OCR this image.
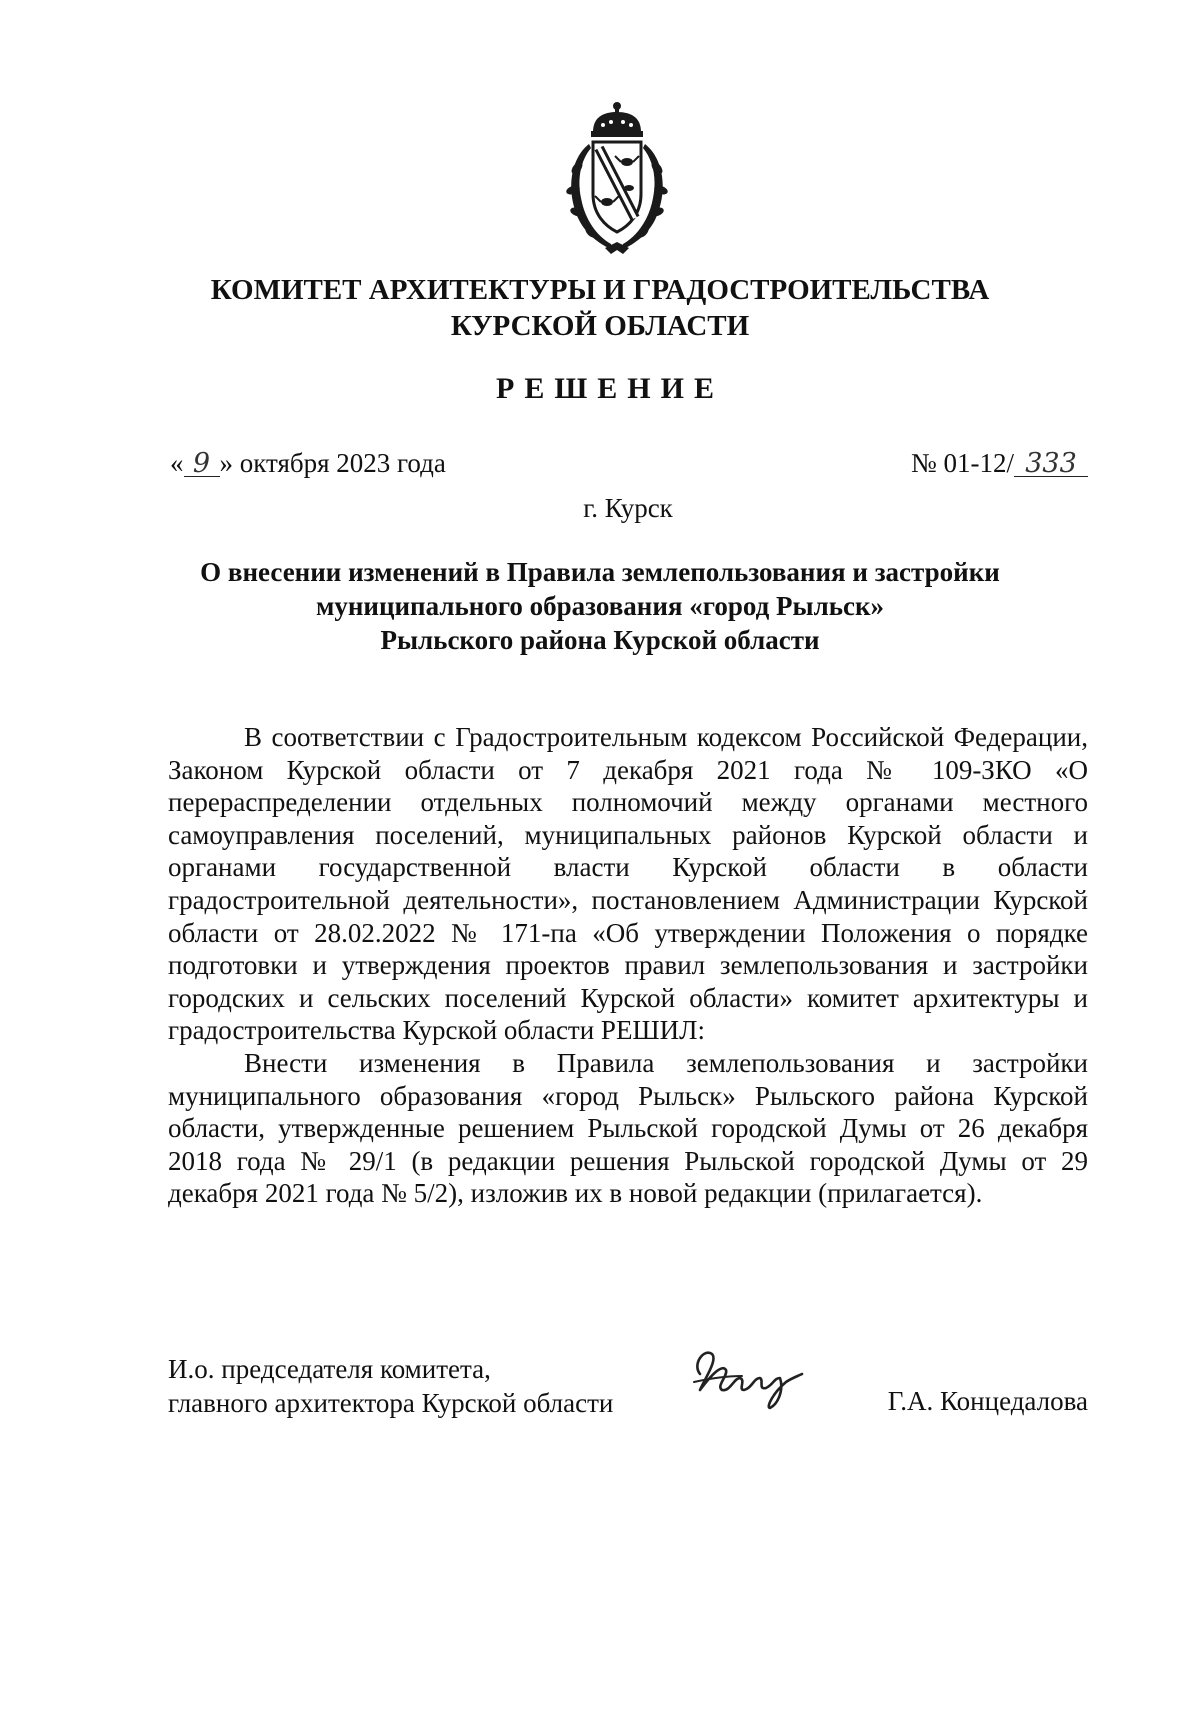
КОМИТЕТ АРХИТЕКТУРЫ И ГРАДОСТРОИТЕЛЬСТВА
КУРСКОЙ ОБЛАСТИ
РЕШЕНИЕ
« 9 » октября 2023 года	№ 01-12/ 333
г. Курск
О внесении изменений в Правила землепользования и застройки
муниципального образования «город Рыльск»
Рыльского района Курской области

В соответствии с Градостроительным кодексом Российской Федерации, Законом Курской области от 7 декабря 2021 года № 109-ЗКО «О перераспределении отдельных полномочий между органами местного самоуправления поселений, муниципальных районов Курской области и органами государственной власти Курской области в области градостроительной деятельности», постановлением Администрации Курской области от 28.02.2022 № 171-па «Об утверждении Положения о порядке подготовки и утверждения проектов правил землепользования и застройки городских и сельских поселений Курской области» комитет архитектуры и градостроительства Курской области РЕШИЛ:

Внести изменения в Правила землепользования и застройки муниципального образования «город Рыльск» Рыльского района Курской области, утвержденные решением Рыльской городской Думы от 26 декабря 2018 года № 29/1 (в редакции решения Рыльской городской Думы от 29 декабря 2021 года № 5/2), изложив их в новой редакции (прилагается).

И.о. председателя комитета,
главного архитектора Курской области	Г.А. Концедалова
